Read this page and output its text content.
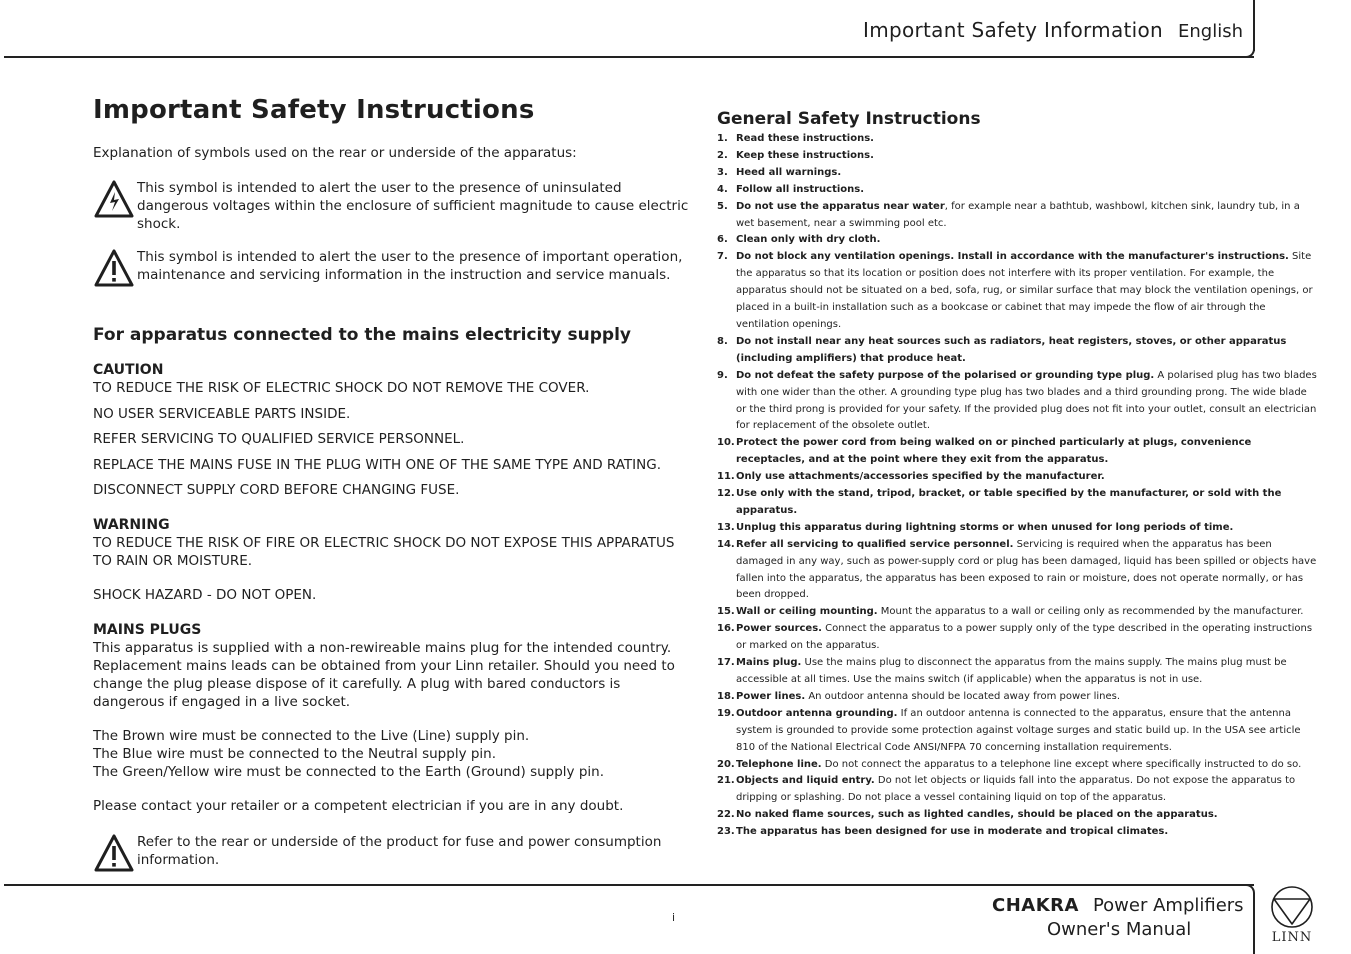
Important Safety Information English
Important Safety Instructions

Explanation of symbols used on the rear or underside of the apparatus:

This symbol is intended to alert the user to the presence of uninsulated dangerous voltages within the enclosure of sufficient magnitude to cause electric shock.
This symbol is intended to alert the user to the presence of important operation, maintenance and servicing information in the instruction and service manuals.
For apparatus connected to the mains electricity supply
CAUTION

TO REDUCE THE RISK OF ELECTRIC SHOCK DO NOT REMOVE THE COVER.

NO USER SERVICEABLE PARTS INSIDE.

REFER SERVICING TO QUALIFIED SERVICE PERSONNEL.

REPLACE THE MAINS FUSE IN THE PLUG WITH ONE OF THE SAME TYPE AND RATING.

DISCONNECT SUPPLY CORD BEFORE CHANGING FUSE.

WARNING

TO REDUCE THE RISK OF FIRE OR ELECTRIC SHOCK DO NOT EXPOSE THIS APPARATUS TO RAIN OR MOISTURE.

SHOCK HAZARD - DO NOT OPEN.

MAINS PLUGS

This apparatus is supplied with a non-rewireable mains plug for the intended country. Replacement mains leads can be obtained from your Linn retailer. Should you need to change the plug please dispose of it carefully. A plug with bared conductors is dangerous if engaged in a live socket.

The Brown wire must be connected to the Live (Line) supply pin.

The Blue wire must be connected to the Neutral supply pin.

The Green/Yellow wire must be connected to the Earth (Ground) supply pin.

Please contact your retailer or a competent electrician if you are in any doubt.

Refer to the rear or underside of the product for fuse and power consumption information.
General Safety Instructions
1. Read these instructions.
2. Keep these instructions.
3. Heed all warnings.
4. Follow all instructions.
5. Do not use the apparatus near water, for example near a bathtub, washbowl, kitchen sink, laundry tub, in a wet basement, near a swimming pool etc.
6. Clean only with dry cloth.
7. Do not block any ventilation openings. Install in accordance with the manufacturer's instructions. Site the apparatus so that its location or position does not interfere with its proper ventilation. For example, the apparatus should not be situated on a bed, sofa, rug, or similar surface that may block the ventilation openings, or placed in a built-in installation such as a bookcase or cabinet that may impede the flow of air through the ventilation openings.
8. Do not install near any heat sources such as radiators, heat registers, stoves, or other apparatus (including amplifiers) that produce heat.
9. Do not defeat the safety purpose of the polarised or grounding type plug. A polarised plug has two blades with one wider than the other. A grounding type plug has two blades and a third grounding prong. The wide blade or the third prong is provided for your safety. If the provided plug does not fit into your outlet, consult an electrician for replacement of the obsolete outlet.
10. Protect the power cord from being walked on or pinched particularly at plugs, convenience receptacles, and at the point where they exit from the apparatus.
11. Only use attachments/accessories specified by the manufacturer.
12. Use only with the stand, tripod, bracket, or table specified by the manufacturer, or sold with the apparatus.
13. Unplug this apparatus during lightning storms or when unused for long periods of time.
14. Refer all servicing to qualified service personnel. Servicing is required when the apparatus has been damaged in any way, such as power-supply cord or plug has been damaged, liquid has been spilled or objects have fallen into the apparatus, the apparatus has been exposed to rain or moisture, does not operate normally, or has been dropped.
15. Wall or ceiling mounting. Mount the apparatus to a wall or ceiling only as recommended by the manufacturer.
16. Power sources. Connect the apparatus to a power supply only of the type described in the operating instructions or marked on the apparatus.
17. Mains plug. Use the mains plug to disconnect the apparatus from the mains supply. The mains plug must be accessible at all times. Use the mains switch (if applicable) when the apparatus is not in use.
18. Power lines. An outdoor antenna should be located away from power lines.
19. Outdoor antenna grounding. If an outdoor antenna is connected to the apparatus, ensure that the antenna system is grounded to provide some protection against voltage surges and static build up. In the USA see article 810 of the National Electrical Code ANSI/NFPA 70 concerning installation requirements.
20. Telephone line. Do not connect the apparatus to a telephone line except where specifically instructed to do so.
21. Objects and liquid entry. Do not let objects or liquids fall into the apparatus. Do not expose the apparatus to dripping or splashing. Do not place a vessel containing liquid on top of the apparatus.
22. No naked flame sources, such as lighted candles, should be placed on the apparatus.
23. The apparatus has been designed for use in moderate and tropical climates.
i
CHAKRA Power Amplifiers
Owner's Manual	LINN
